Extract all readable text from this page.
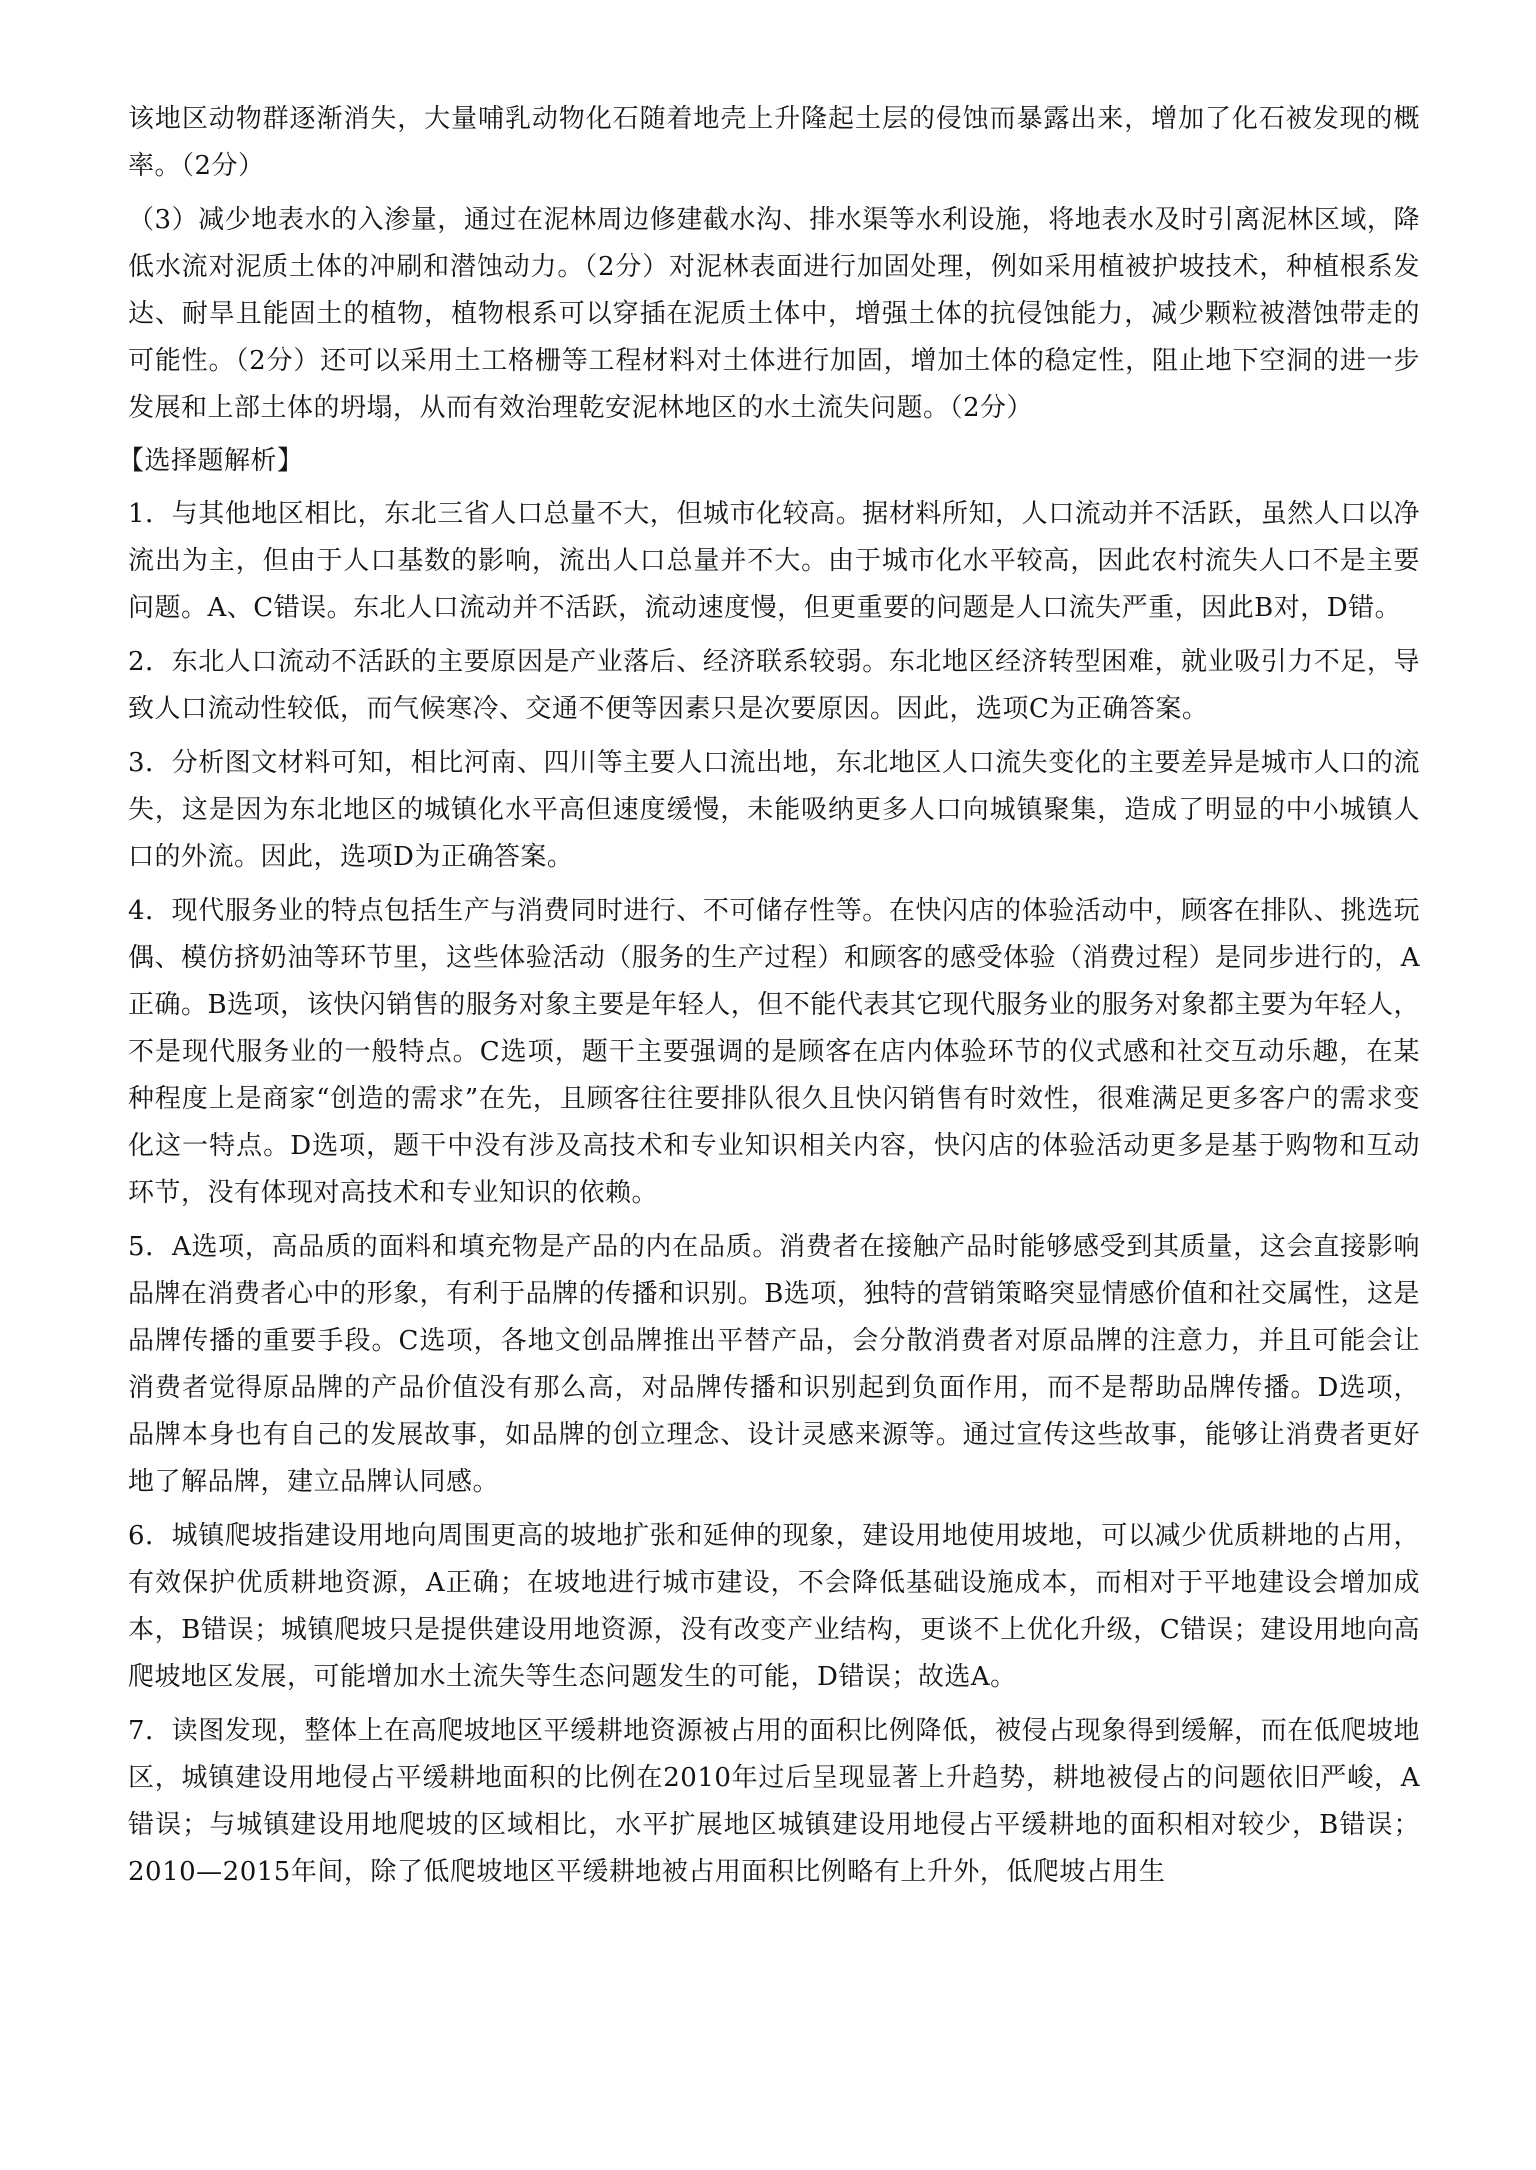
该地区动物群逐渐消失，大量哺乳动物化石随着地壳上升隆起土层的侵蚀而暴露出来，增加了化石被发现的概率。（2分）

（3）减少地表水的入渗量，通过在泥林周边修建截水沟、排水渠等水利设施，将地表水及时引离泥林区域，降低水流对泥质土体的冲刷和潜蚀动力。（2分）对泥林表面进行加固处理，例如采用植被护坡技术，种植根系发达、耐旱且能固土的植物，植物根系可以穿插在泥质土体中，增强土体的抗侵蚀能力，减少颗粒被潜蚀带走的可能性。（2分）还可以采用土工格栅等工程材料对土体进行加固，增加土体的稳定性，阻止地下空洞的进一步发展和上部土体的坍塌，从而有效治理乾安泥林地区的水土流失问题。（2分）

【选择题解析】

1．与其他地区相比，东北三省人口总量不大，但城市化较高。据材料所知，人口流动并不活跃，虽然人口以净流出为主，但由于人口基数的影响，流出人口总量并不大。由于城市化水平较高，因此农村流失人口不是主要问题。A、C错误。东北人口流动并不活跃，流动速度慢，但更重要的问题是人口流失严重，因此B对，D错。

2．东北人口流动不活跃的主要原因是产业落后、经济联系较弱。东北地区经济转型困难，就业吸引力不足，导致人口流动性较低，而气候寒冷、交通不便等因素只是次要原因。因此，选项C为正确答案。

3．分析图文材料可知，相比河南、四川等主要人口流出地，东北地区人口流失变化的主要差异是城市人口的流失，这是因为东北地区的城镇化水平高但速度缓慢，未能吸纳更多人口向城镇聚集，造成了明显的中小城镇人口的外流。因此，选项D为正确答案。

4．现代服务业的特点包括生产与消费同时进行、不可储存性等。在快闪店的体验活动中，顾客在排队、挑选玩偶、模仿挤奶油等环节里，这些体验活动（服务的生产过程）和顾客的感受体验（消费过程）是同步进行的，A正确。B选项，该快闪销售的服务对象主要是年轻人，但不能代表其它现代服务业的服务对象都主要为年轻人，不是现代服务业的一般特点。C选项，题干主要强调的是顾客在店内体验环节的仪式感和社交互动乐趣，在某种程度上是商家“创造的需求”在先，且顾客往往要排队很久且快闪销售有时效性，很难满足更多客户的需求变化这一特点。D选项，题干中没有涉及高技术和专业知识相关内容，快闪店的体验活动更多是基于购物和互动环节，没有体现对高技术和专业知识的依赖。

5．A选项，高品质的面料和填充物是产品的内在品质。消费者在接触产品时能够感受到其质量，这会直接影响品牌在消费者心中的形象，有利于品牌的传播和识别。B选项，独特的营销策略突显情感价值和社交属性，这是品牌传播的重要手段。C选项，各地文创品牌推出平替产品，会分散消费者对原品牌的注意力，并且可能会让消费者觉得原品牌的产品价值没有那么高，对品牌传播和识别起到负面作用，而不是帮助品牌传播。D选项，品牌本身也有自己的发展故事，如品牌的创立理念、设计灵感来源等。通过宣传这些故事，能够让消费者更好地了解品牌，建立品牌认同感。

6．城镇爬坡指建设用地向周围更高的坡地扩张和延伸的现象，建设用地使用坡地，可以减少优质耕地的占用，有效保护优质耕地资源，A正确；在坡地进行城市建设，不会降低基础设施成本，而相对于平地建设会增加成本，B错误；城镇爬坡只是提供建设用地资源，没有改变产业结构，更谈不上优化升级，C错误；建设用地向高爬坡地区发展，可能增加水土流失等生态问题发生的可能，D错误；故选A。

7．读图发现，整体上在高爬坡地区平缓耕地资源被占用的面积比例降低，被侵占现象得到缓解，而在低爬坡地区，城镇建设用地侵占平缓耕地面积的比例在2010年过后呈现显著上升趋势，耕地被侵占的问题依旧严峻，A错误；与城镇建设用地爬坡的区域相比，水平扩展地区城镇建设用地侵占平缓耕地的面积相对较少，B错误；2010—2015年间，除了低爬坡地区平缓耕地被占用面积比例略有上升外，低爬坡占用生
